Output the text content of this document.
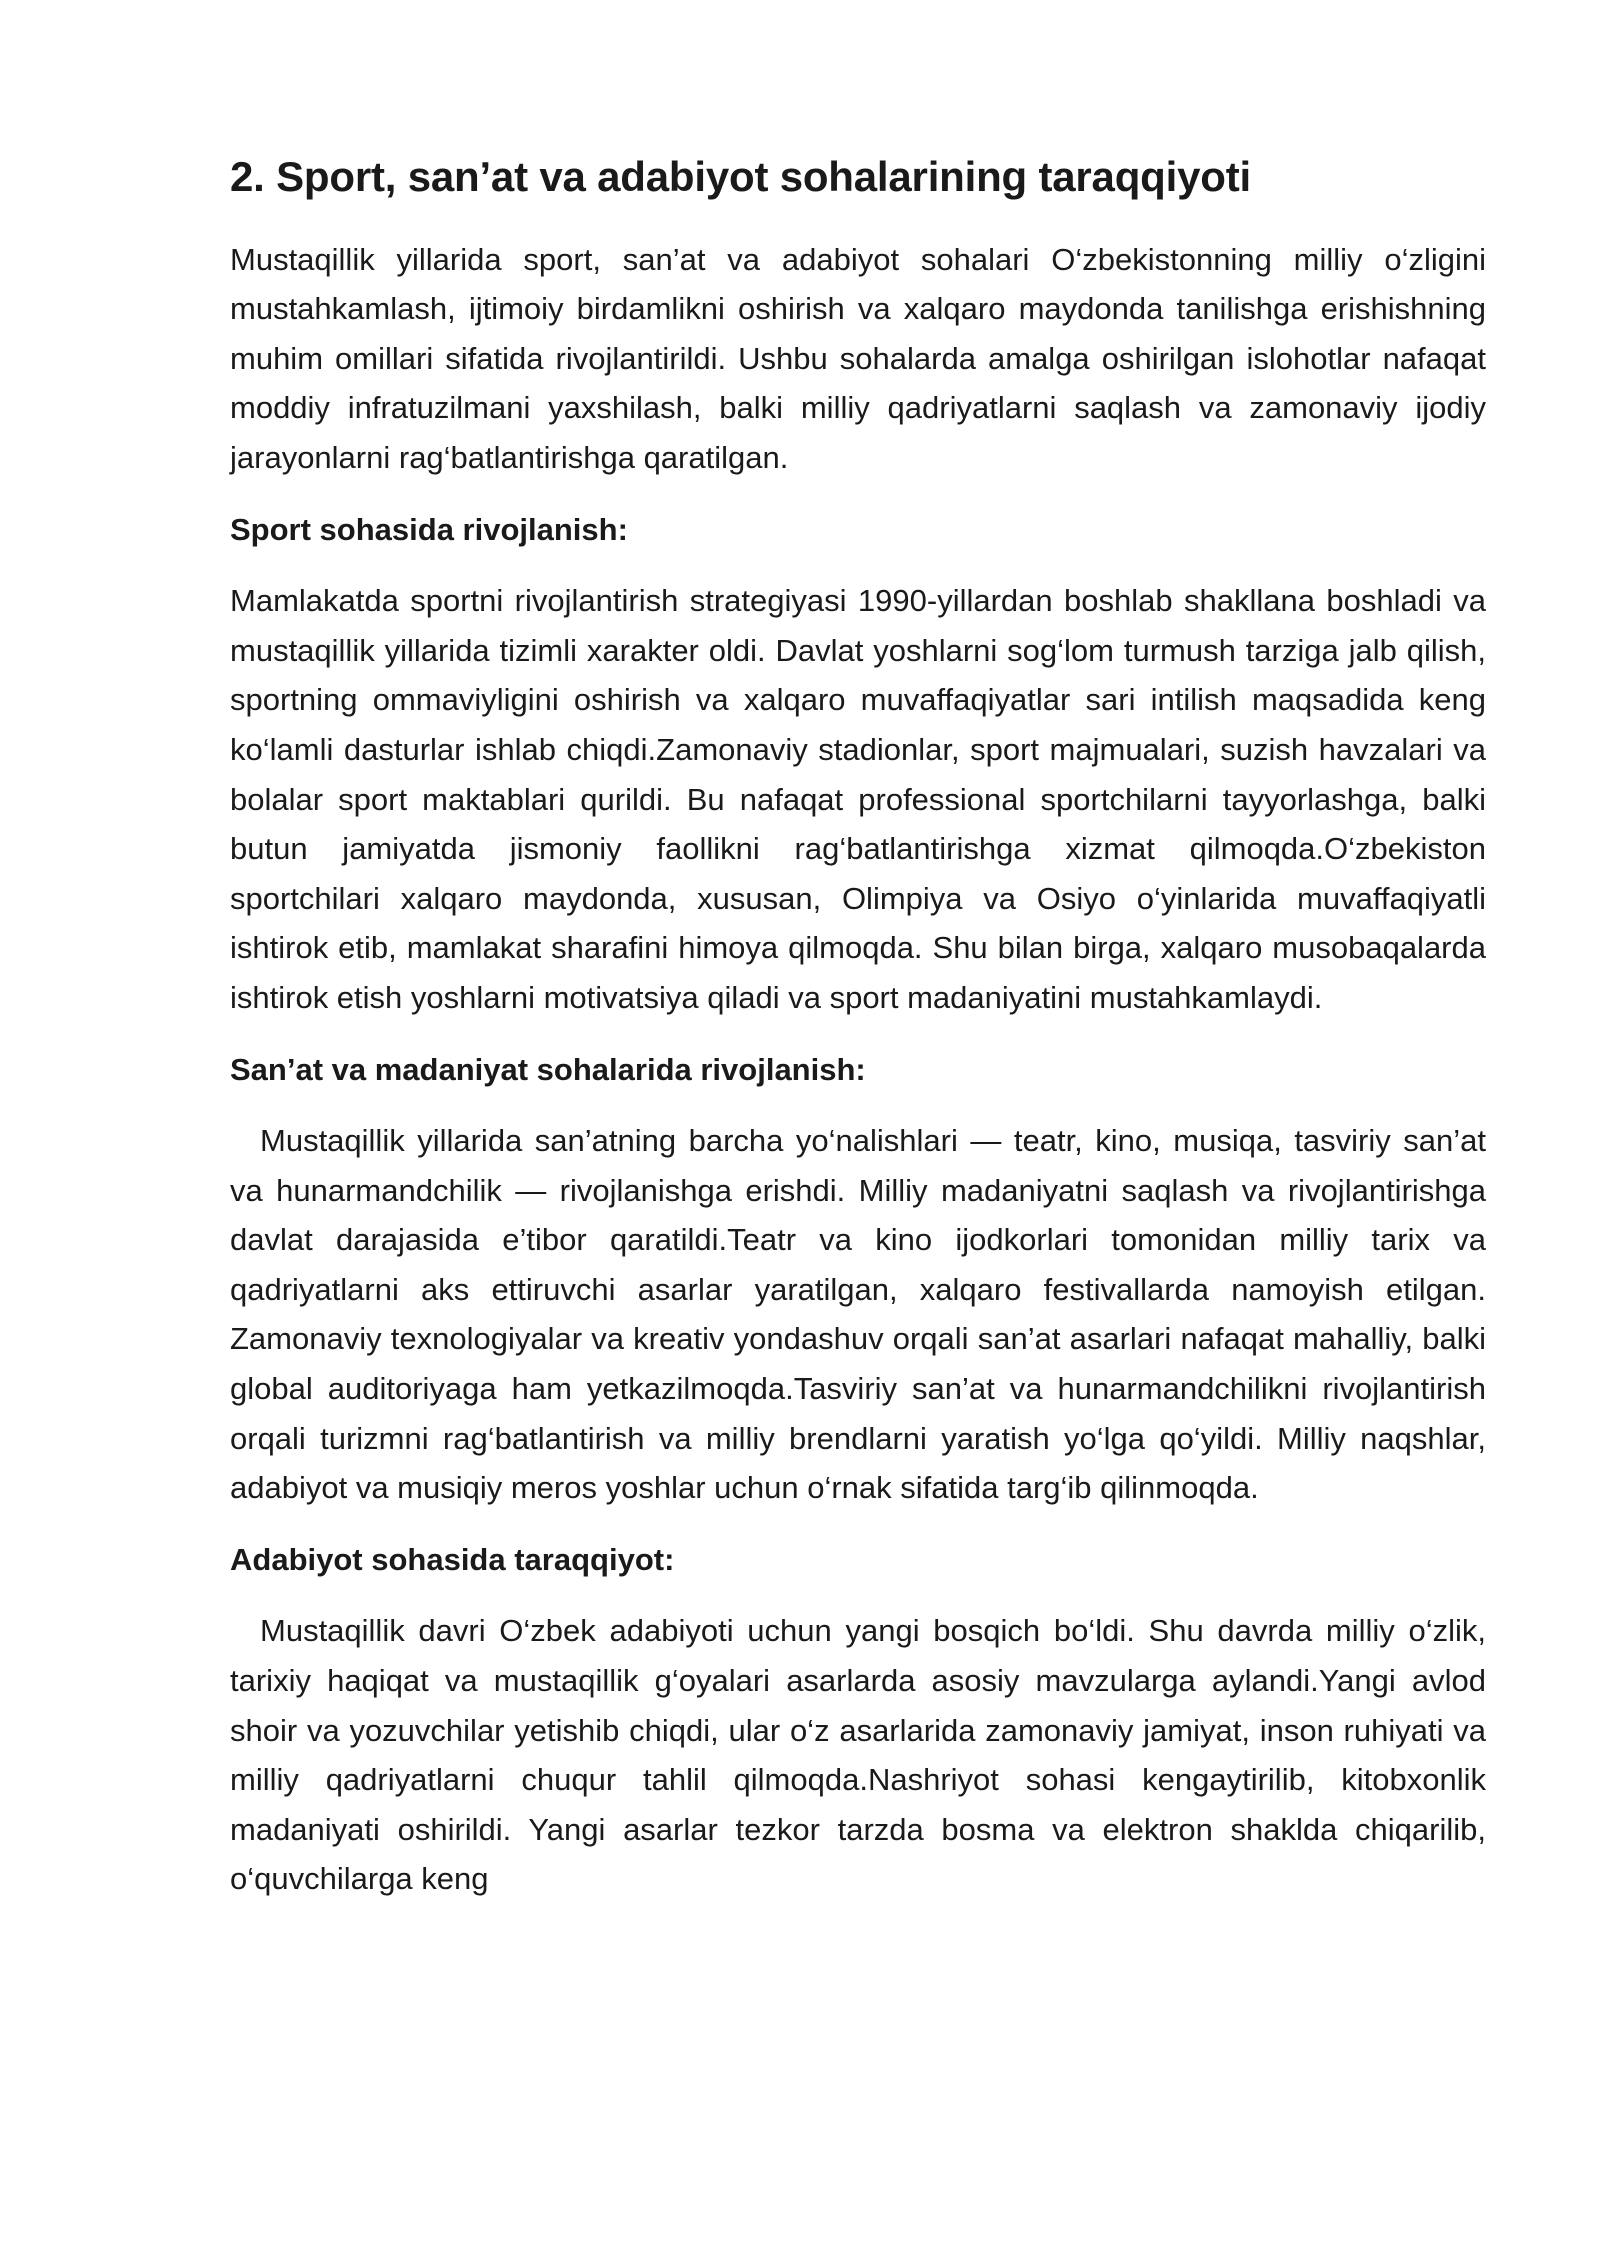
2. Sport, san’at va adabiyot sohalarining taraqqiyoti

Mustaqillik yillarida sport, san’at va adabiyot sohalari O‘zbekistonning milliy o‘zligini mustahkamlash, ijtimoiy birdamlikni oshirish va xalqaro maydonda tanilishga erishishning muhim omillari sifatida rivojlantirildi. Ushbu sohalarda amalga oshirilgan islohotlar nafaqat moddiy infratuzilmani yaxshilash, balki milliy qadriyatlarni saqlash va zamonaviy ijodiy jarayonlarni rag‘batlantirishga qaratilgan.

Sport sohasida rivojlanish:

Mamlakatda sportni rivojlantirish strategiyasi 1990-yillardan boshlab shakllana boshladi va mustaqillik yillarida tizimli xarakter oldi. Davlat yoshlarni sog‘lom turmush tarziga jalb qilish, sportning ommaviyligini oshirish va xalqaro muvaffaqiyatlar sari intilish maqsadida keng ko‘lamli dasturlar ishlab chiqdi.Zamonaviy stadionlar, sport majmualari, suzish havzalari va bolalar sport maktablari qurildi. Bu nafaqat professional sportchilarni tayyorlashga, balki butun jamiyatda jismoniy faollikni rag‘batlantirishga xizmat qilmoqda.O‘zbekiston sportchilari xalqaro maydonda, xususan, Olimpiya va Osiyo o‘yinlarida muvaffaqiyatli ishtirok etib, mamlakat sharafini himoya qilmoqda. Shu bilan birga, xalqaro musobaqalarda ishtirok etish yoshlarni motivatsiya qiladi va sport madaniyatini mustahkamlaydi.

San’at va madaniyat sohalarida rivojlanish:

Mustaqillik yillarida san’atning barcha yo‘nalishlari — teatr, kino, musiqa, tasviriy san’at va hunarmandchilik — rivojlanishga erishdi. Milliy madaniyatni saqlash va rivojlantirishga davlat darajasida e’tibor qaratildi.Teatr va kino ijodkorlari tomonidan milliy tarix va qadriyatlarni aks ettiruvchi asarlar yaratilgan, xalqaro festivallarda namoyish etilgan. Zamonaviy texnologiyalar va kreativ yondashuv orqali san’at asarlari nafaqat mahalliy, balki global auditoriyaga ham yetkazilmoqda.Tasviriy san’at va hunarmandchilikni rivojlantirish orqali turizmni rag‘batlantirish va milliy brendlarni yaratish yo‘lga qo‘yildi. Milliy naqshlar, adabiyot va musiqiy meros yoshlar uchun o‘rnak sifatida targ‘ib qilinmoqda.

Adabiyot sohasida taraqqiyot:

Mustaqillik davri O‘zbek adabiyoti uchun yangi bosqich bo‘ldi. Shu davrda milliy o‘zlik, tarixiy haqiqat va mustaqillik g‘oyalari asarlarda asosiy mavzularga aylandi.Yangi avlod shoir va yozuvchilar yetishib chiqdi, ular o‘z asarlarida zamonaviy jamiyat, inson ruhiyati va milliy qadriyatlarni chuqur tahlil qilmoqda.Nashriyot sohasi kengaytirilib, kitobxonlik madaniyati oshirildi. Yangi asarlar tezkor tarzda bosma va elektron shaklda chiqarilib, o‘quvchilarga keng
